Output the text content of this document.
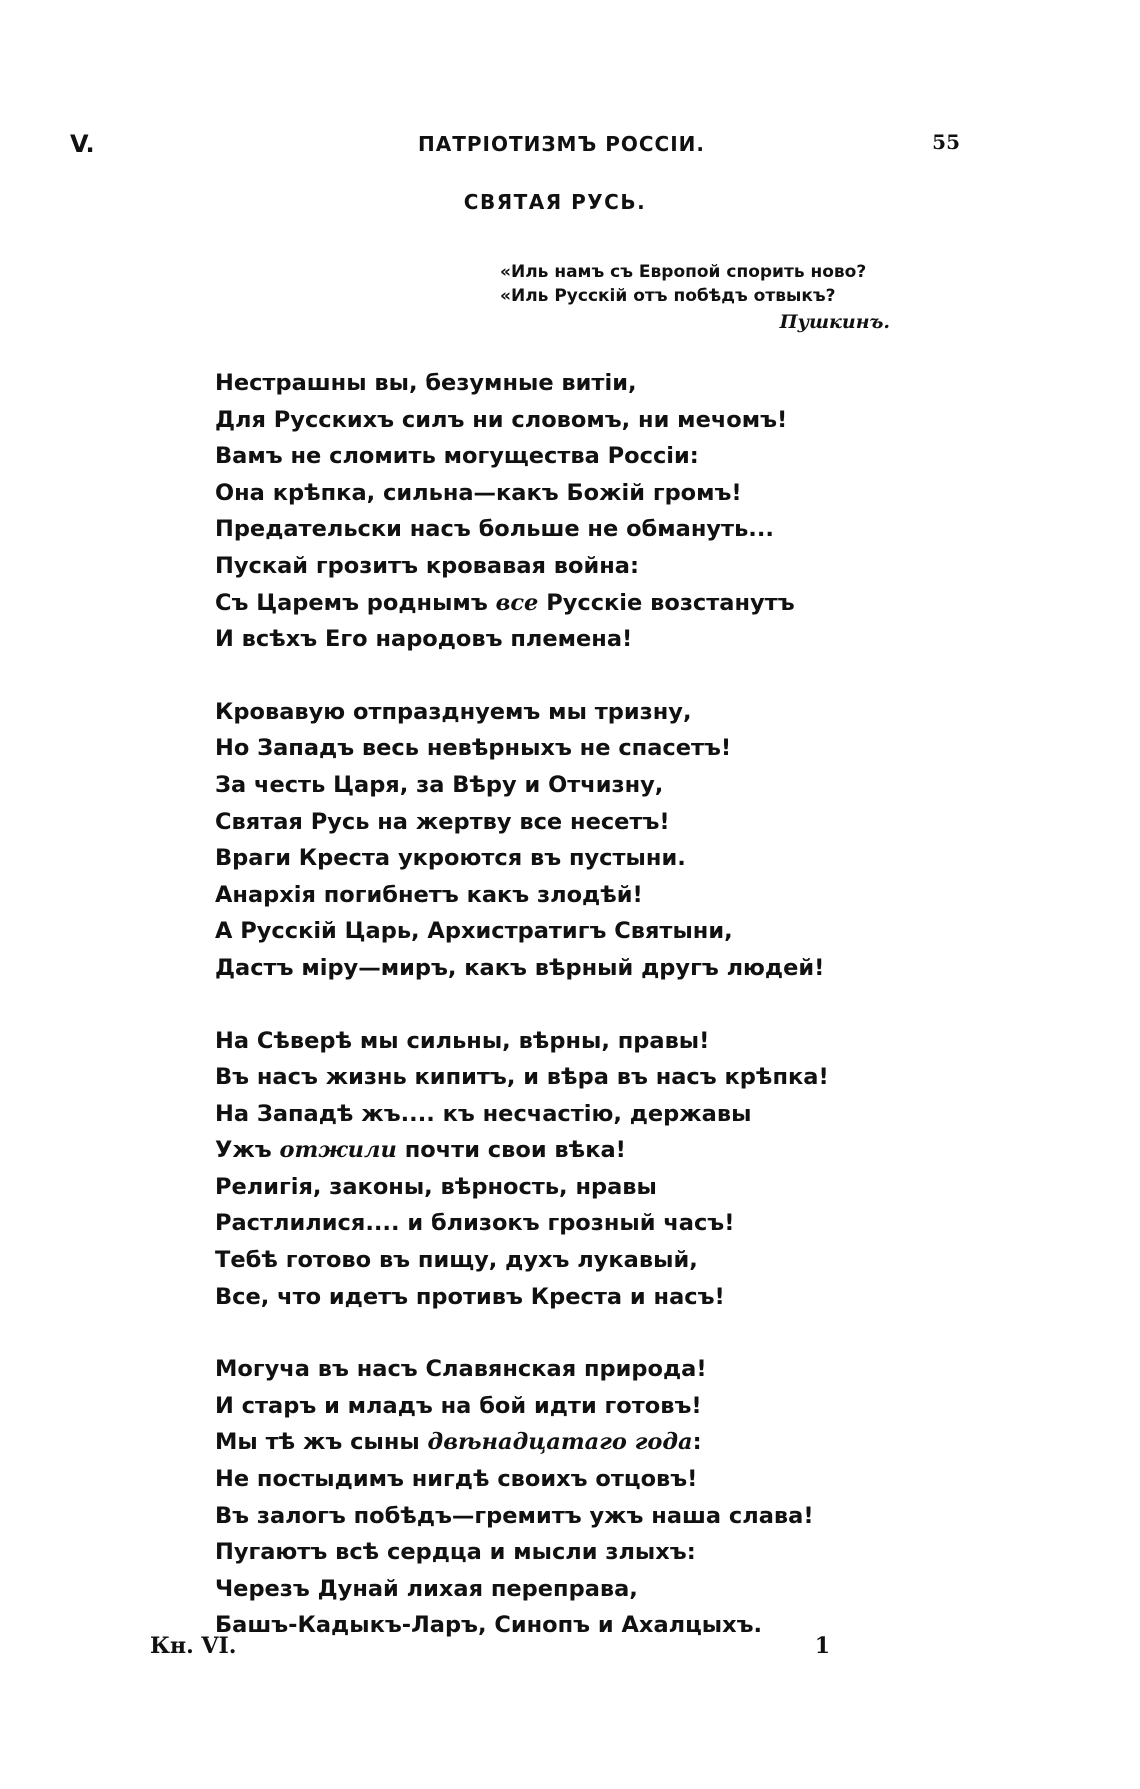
V.	ПАТРІОТИЗМЪ РОССІИ.	55
СВЯТАЯ РУСЬ.
«Иль намъ съ Европой спорить ново?
«Иль Русскій отъ побѣдъ отвыкъ?
Пушкинъ.
Нестрашны вы, безумные витіи,
Для Русскихъ силъ ни словомъ, ни мечомъ!
Вамъ не сломить могущества Россіи:
Она крѣпка, сильна—какъ Божій громъ!
Предательски насъ больше не обмануть...
Пускай грозитъ кровавая война:
Съ Царемъ роднымъ все Русскіе возстанутъ
И всѣхъ Его народовъ племена!
Кровавую отпразднуемъ мы тризну,
Но Западъ весь невѣрныхъ не спасетъ!
За честь Царя, за Вѣру и Отчизну,
Святая Русь на жертву все несетъ!
Враги Креста укроются въ пустыни.
Анархія погибнетъ какъ злодѣй!
А Русскій Царь, Архистратигъ Святыни,
Дастъ міру—миръ, какъ вѣрный другъ людей!
На Сѣверѣ мы сильны, вѣрны, правы!
Въ насъ жизнь кипитъ, и вѣра въ насъ крѣпка!
На Западѣ жъ.... къ несчастію, державы
Ужъ отжили почти свои вѣка!
Религія, законы, вѣрность, нравы
Растлилися.... и близокъ грозный часъ!
Тебѣ готово въ пищу, духъ лукавый,
Все, что идетъ противъ Креста и насъ!
Могуча въ насъ Славянская природа!
И старъ и младъ на бой идти готовъ!
Мы тѣ жъ сыны двѣнадцатаго года:
Не постыдимъ нигдѣ своихъ отцовъ!
Въ залогъ побѣдъ—гремитъ ужъ наша слава!
Пугаютъ всѣ сердца и мысли злыхъ:
Черезъ Дунай лихая переправа,
Башъ-Кадыкъ-Ларъ, Синопъ и Ахалцыхъ.
Кн. VI.	1
